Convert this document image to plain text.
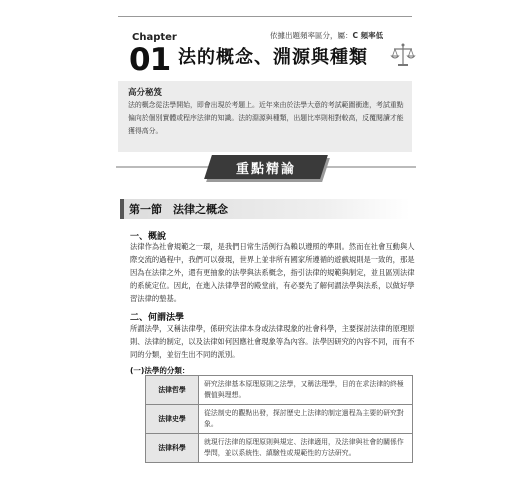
Chapter
01 法的概念、淵源與種類
依據出題頻率區分，屬：C 頻率低
高分秘笈
法的概念從法學開始，即會出現於考題上。近年來由於法學大意的考試範圍衝進，考試重點偏向於個別實體或程序法律的知識。法的淵源與種類，出題比率則相對較高，反覆閱讀才能獲得高分。
重點精論
第一節　法律之概念
一、概說
法律作為社會規範之一環，是我們日常生活例行為賴以遵照的準則。然而在社會互動與人際交流的過程中，我們可以發現，世界上並非所有國家所遵循的遊戲規則是一致的，那是因為在法律之外，還有更抽象的法學與法系概念，指引法律的規範與制定，並且區別法律的系統定位。因此，在進入法律學習的殿堂前，有必要先了解何謂法學與法系，以做好學習法律的墊基。
二、何謂法學
所謂法學，又稱法律學，係研究法律本身或法律現象的社會科學，主要探討法律的原理原則、法律的制定，以及法律如何因應社會現象等為內容。法學因研究的內容不同，而有不同的分類，並衍生出不同的派別。
(一)法學的分類：
法律哲學	研究法律基本原理原則之法學，又稱法理學，目的在求法律的終極價值與理想。
法律史學	從法制史的觀點出發，探討歷史上法律的制定過程為主要的研究對象。
法律科學	就現行法律的原理原則與規定、法律適用，及法律與社會的關係作學問，並以系統性、縝驗性或規範性的方法研究。
